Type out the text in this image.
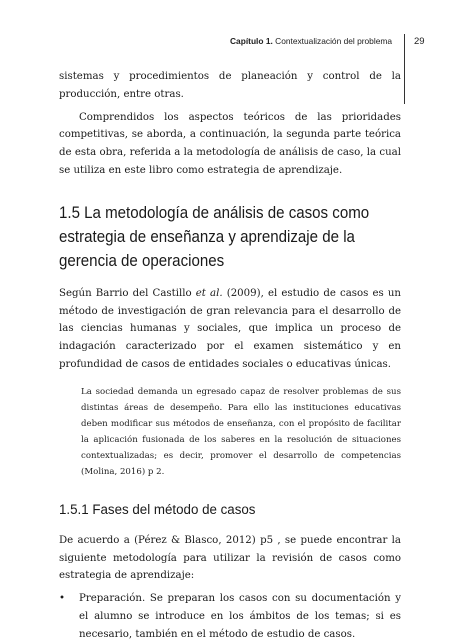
Capítulo 1. Contextualización del problema 29

sistemas y procedimientos de planeación y control de la producción, entre otras.

Comprendidos los aspectos teóricos de las prioridades competitivas, se aborda, a continuación, la segunda parte teórica de esta obra, referida a la metodología de análisis de caso, la cual se utiliza en este libro como estrategia de aprendizaje.

1.5 La metodología de análisis de casos como estrategia de enseñanza y aprendizaje de la gerencia de operaciones

Según Barrio del Castillo et al. (2009), el estudio de casos es un método de investigación de gran relevancia para el desarrollo de las ciencias humanas y sociales, que implica un proceso de indagación caracterizado por el examen sistemático y en profundidad de casos de entidades sociales o educativas únicas.

La sociedad demanda un egresado capaz de resolver problemas de sus distintas áreas de desempeño. Para ello las instituciones educativas deben modificar sus métodos de enseñanza, con el propósito de facilitar la aplicación fusionada de los saberes en la resolución de situaciones contextualizadas; es decir, promover el desarrollo de competencias (Molina, 2016) p 2.

1.5.1 Fases del método de casos

De acuerdo a (Pérez & Blasco, 2012) p5 , se puede encontrar la siguiente metodología para utilizar la revisión de casos como estrategia de aprendizaje:

• Preparación. Se preparan los casos con su documentación y el alumno se introduce en los ámbitos de los temas; si es necesario, también en el método de estudio de casos.
